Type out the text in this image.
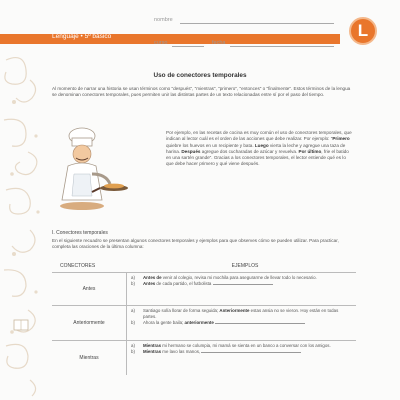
Lenguaje • 5º básico
nombre
curso	fecha
L
Uso de conectores temporales
Al momento de narrar una historia se usan términos como "después", "mientras", "primero", "entonces" o "finalmente". Estos términos de la lengua se denominan conectores temporales, pues permiten unir las distintas partes de un texto relacionadas entre sí por el paso del tiempo.
Por ejemplo, en las recetas de cocina es muy común el uso de conectores temporales, que indican al lector cuál es el orden de las acciones que debe realizar. Por ejemplo: "Primero quiebre los huevos en un recipiente y bata. Luego vierta la leche y agregue una taza de harina. Después agregue dos cucharadas de azúcar y revuelva. Por último, frie el batido en una sartén grande". Gracias a los conectores temporales, el lector entiende qué es lo que debe hacer primero y qué viene después.
I. Conectores temporales
En el siguiente recuadro se presentan algunos conectores temporales y ejemplos para que observes cómo se pueden utilizar. Para practicar, completa las oraciones de la última columna:
CONECTORES	EJEMPLOS
Antes
a)	Antes de venir al colegio, revisa mi mochila para asegurarme de llevar todo lo necesario.
b)	Antes de cada partido, el futbolista
Anteriormente
a)	Santiago solía llorar de forma seguida; Anteriormente estas ansia no se vieron. Hoy están en todas partes.
b)	Ahora la gente baila; anteriormente
Mientras
a)	Mientras mi hermano se columpia, mi mamá se sienta en un banco a conversar con los amigos.
b)	Mientras me lavo las manos,
